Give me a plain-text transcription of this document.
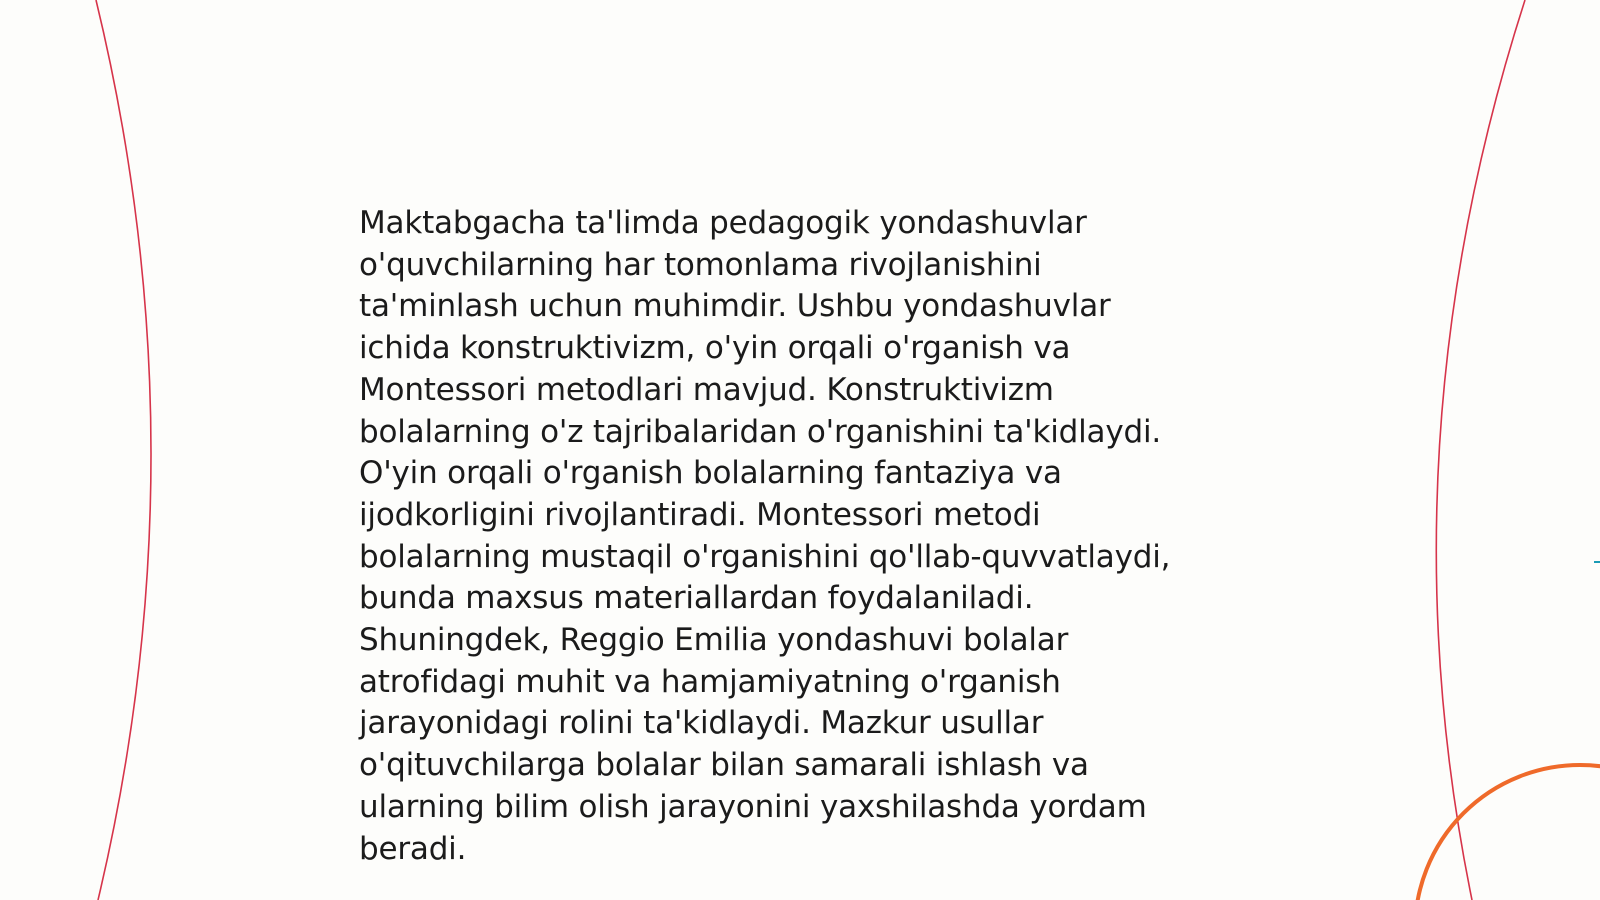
Maktabgacha ta'limda pedagogik yondashuvlar
o'quvchilarning har tomonlama rivojlanishini
ta'minlash uchun muhimdir. Ushbu yondashuvlar
ichida konstruktivizm, o'yin orqali o'rganish va
Montessori metodlari mavjud. Konstruktivizm
bolalarning o'z tajribalaridan o'rganishini ta'kidlaydi.
O'yin orqali o'rganish bolalarning fantaziya va
ijodkorligini rivojlantiradi. Montessori metodi
bolalarning mustaqil o'rganishini qo'llab-quvvatlaydi,
bunda maxsus materiallardan foydalaniladi.
Shuningdek, Reggio Emilia yondashuvi bolalar
atrofidagi muhit va hamjamiyatning o'rganish
jarayonidagi rolini ta'kidlaydi. Mazkur usullar
o'qituvchilarga bolalar bilan samarali ishlash va
ularning bilim olish jarayonini yaxshilashda yordam
beradi.
